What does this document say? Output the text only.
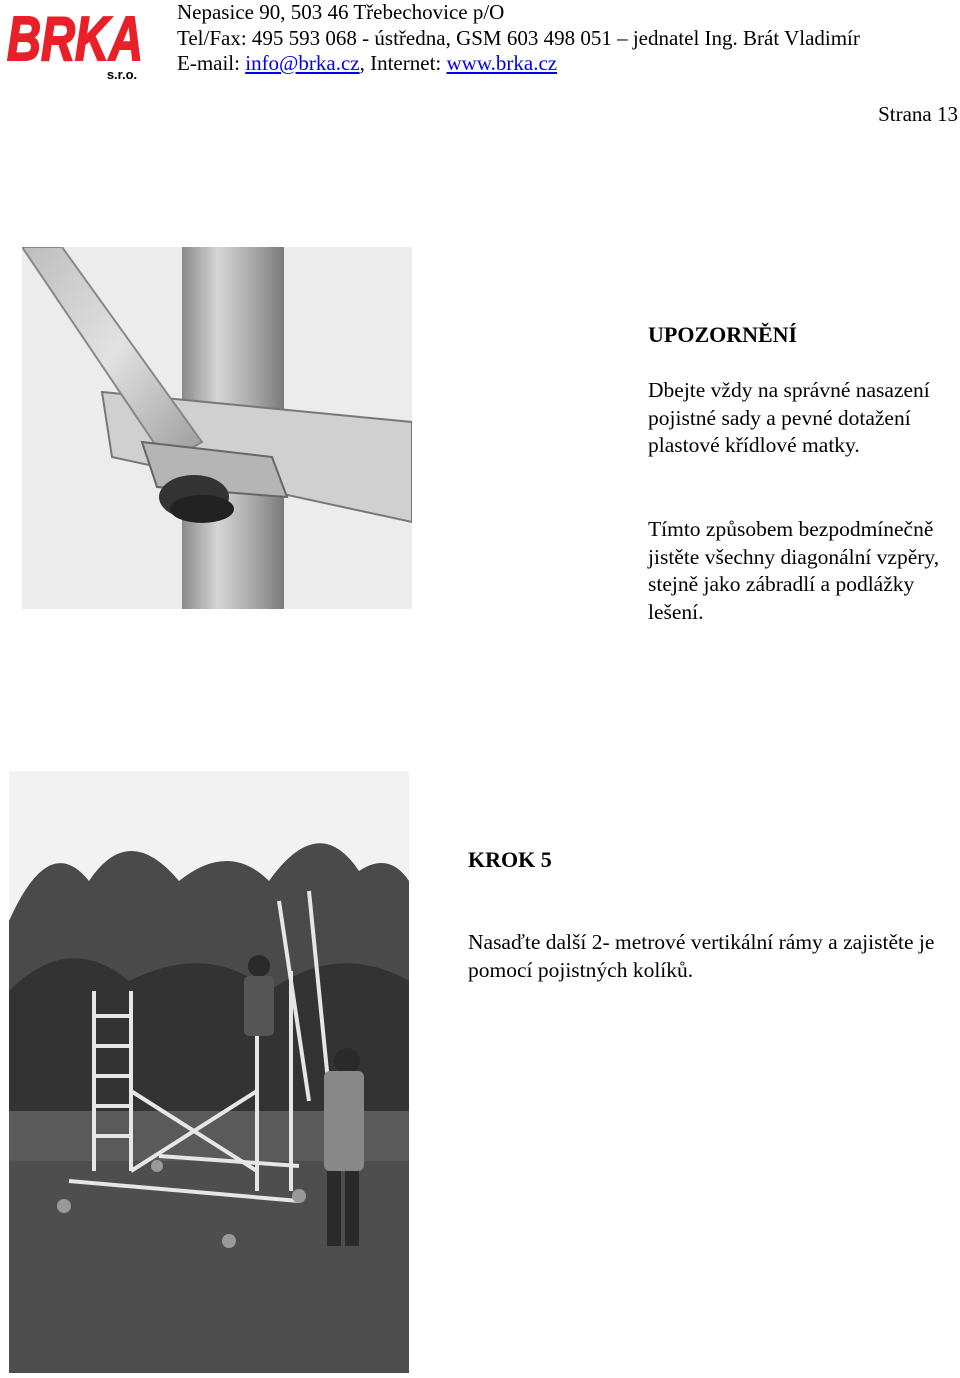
BRKA
s.r.o.
Nepasice 90, 503 46 Třebechovice p/O
Tel/Fax: 495 593 068 - ústředna, GSM 603 498 051 – jednatel Ing. Brát Vladimír
E-mail: info@brka.cz, Internet: www.brka.cz
Strana 13
UPOZORNĚNÍ
Dbejte vždy na správné nasazení pojistné sady a pevné dotažení plastové křídlové matky.
Tímto způsobem bezpodmínečně jistěte všechny diagonální vzpěry, stejně jako zábradlí a podlážky lešení.
KROK 5
Nasaďte další 2- metrové vertikální rámy a zajistěte je pomocí pojistných kolíků.
